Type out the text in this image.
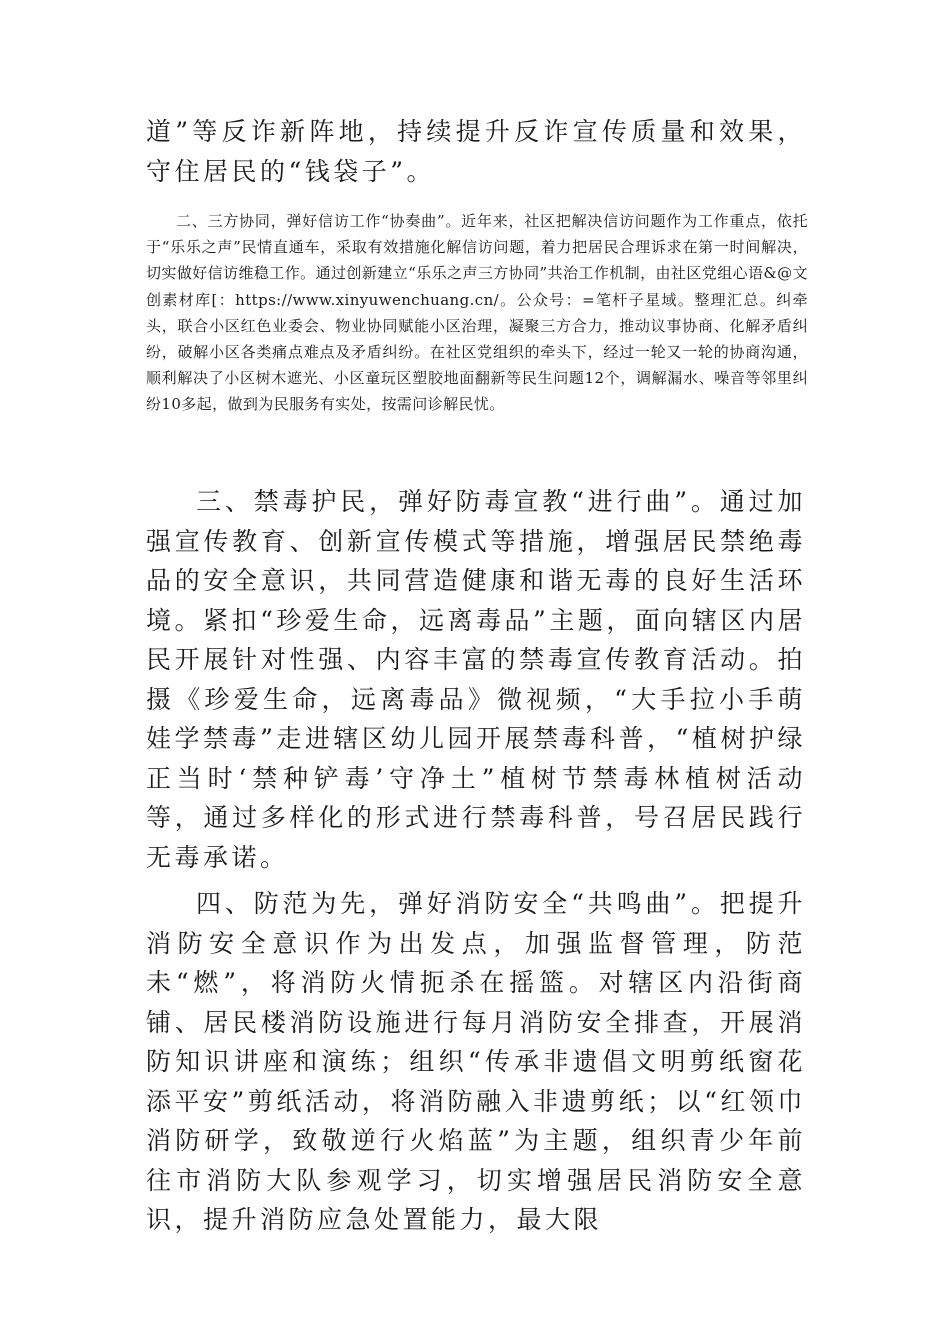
道”等反诈新阵地，持续提升反诈宣传质量和效果，守住居民的“钱袋子”。

二、三方协同，弹好信访工作“协奏曲”。近年来，社区把解决信访问题作为工作重点，依托于“乐乐之声”民情直通车，采取有效措施化解信访问题，着力把居民合理诉求在第一时间解决，切实做好信访维稳工作。通过创新建立“乐乐之声三方协同”共治工作机制，由社区党组心语&@文创素材库[：https://www.xinyuwenchuang.cn/。公众号：=笔杆子星域。整理汇总。纠牵头，联合小区红色业委会、物业协同赋能小区治理，凝聚三方合力，推动议事协商、化解矛盾纠纷，破解小区各类痛点难点及矛盾纠纷。在社区党组织的牵头下，经过一轮又一轮的协商沟通，顺利解决了小区树木遮光、小区童玩区塑胶地面翻新等民生问题12个，调解漏水、噪音等邻里纠纷10多起，做到为民服务有实处，按需问诊解民忧。

三、禁毒护民，弹好防毒宣教“进行曲”。通过加强宣传教育、创新宣传模式等措施，增强居民禁绝毒品的安全意识，共同营造健康和谐无毒的良好生活环境。紧扣“珍爱生命，远离毒品”主题，面向辖区内居民开展针对性强、内容丰富的禁毒宣传教育活动。拍摄《珍爱生命，远离毒品》微视频，“大手拉小手萌娃学禁毒”走进辖区幼儿园开展禁毒科普，“植树护绿正当时‘禁种铲毒’守净土”植树节禁毒林植树活动等，通过多样化的形式进行禁毒科普，号召居民践行无毒承诺。

四、防范为先，弹好消防安全“共鸣曲”。把提升消防安全意识作为出发点，加强监督管理，防范未“燃”，将消防火情扼杀在摇篮。对辖区内沿街商铺、居民楼消防设施进行每月消防安全排查，开展消防知识讲座和演练；组织“传承非遗倡文明剪纸窗花添平安”剪纸活动，将消防融入非遗剪纸；以“红领巾消防研学，致敬逆行火焰蓝”为主题，组织青少年前往市消防大队参观学习，切实增强居民消防安全意识，提升消防应急处置能力，最大限
